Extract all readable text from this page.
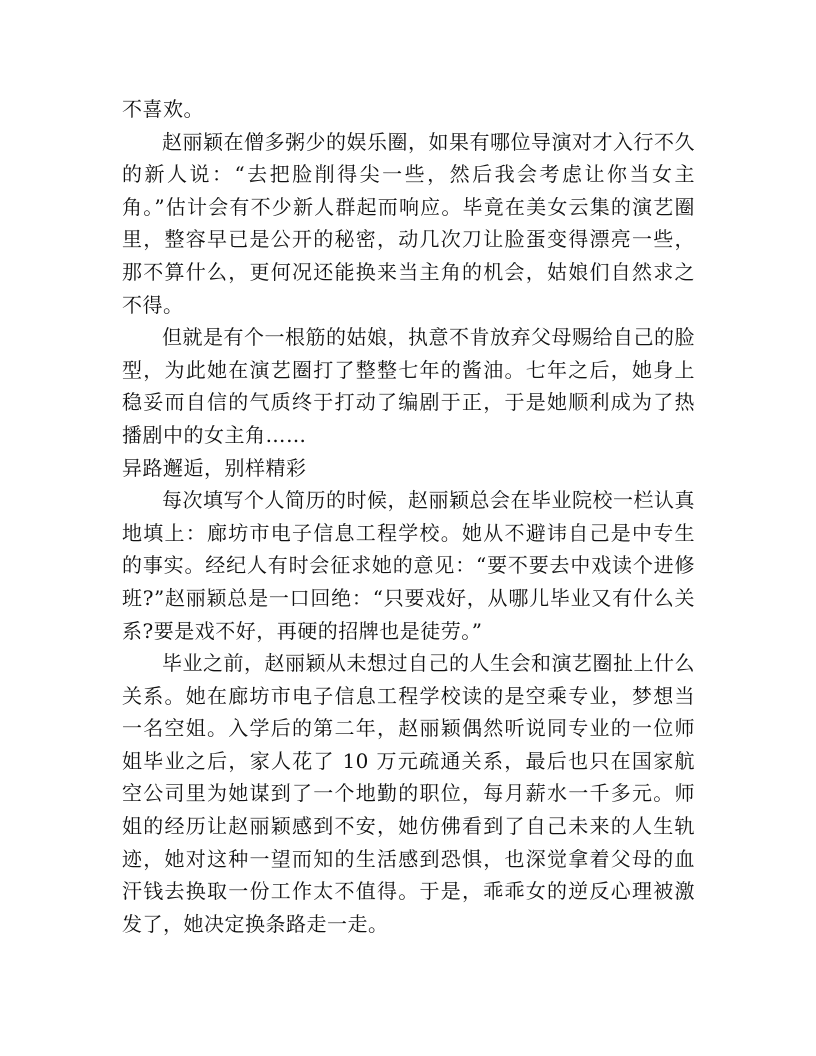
不喜欢。

赵丽颖在僧多粥少的娱乐圈，如果有哪位导演对才入行不久的新人说：“去把脸削得尖一些，然后我会考虑让你当女主角。”估计会有不少新人群起而响应。毕竟在美女云集的演艺圈里，整容早已是公开的秘密，动几次刀让脸蛋变得漂亮一些，那不算什么，更何况还能换来当主角的机会，姑娘们自然求之不得。

但就是有个一根筋的姑娘，执意不肯放弃父母赐给自己的脸型，为此她在演艺圈打了整整七年的酱油。七年之后，她身上稳妥而自信的气质终于打动了编剧于正，于是她顺利成为了热播剧中的女主角……

异路邂逅，别样精彩

每次填写个人简历的时候，赵丽颖总会在毕业院校一栏认真地填上：廊坊市电子信息工程学校。她从不避讳自己是中专生的事实。经纪人有时会征求她的意见：“要不要去中戏读个进修班?”赵丽颖总是一口回绝：“只要戏好，从哪儿毕业又有什么关系?要是戏不好，再硬的招牌也是徒劳。”

毕业之前，赵丽颖从未想过自己的人生会和演艺圈扯上什么关系。她在廊坊市电子信息工程学校读的是空乘专业，梦想当一名空姐。入学后的第二年，赵丽颖偶然听说同专业的一位师姐毕业之后，家人花了 10 万元疏通关系，最后也只在国家航空公司里为她谋到了一个地勤的职位，每月薪水一千多元。师姐的经历让赵丽颖感到不安，她仿佛看到了自己未来的人生轨迹，她对这种一望而知的生活感到恐惧，也深觉拿着父母的血汗钱去换取一份工作太不值得。于是，乖乖女的逆反心理被激发了，她决定换条路走一走。
